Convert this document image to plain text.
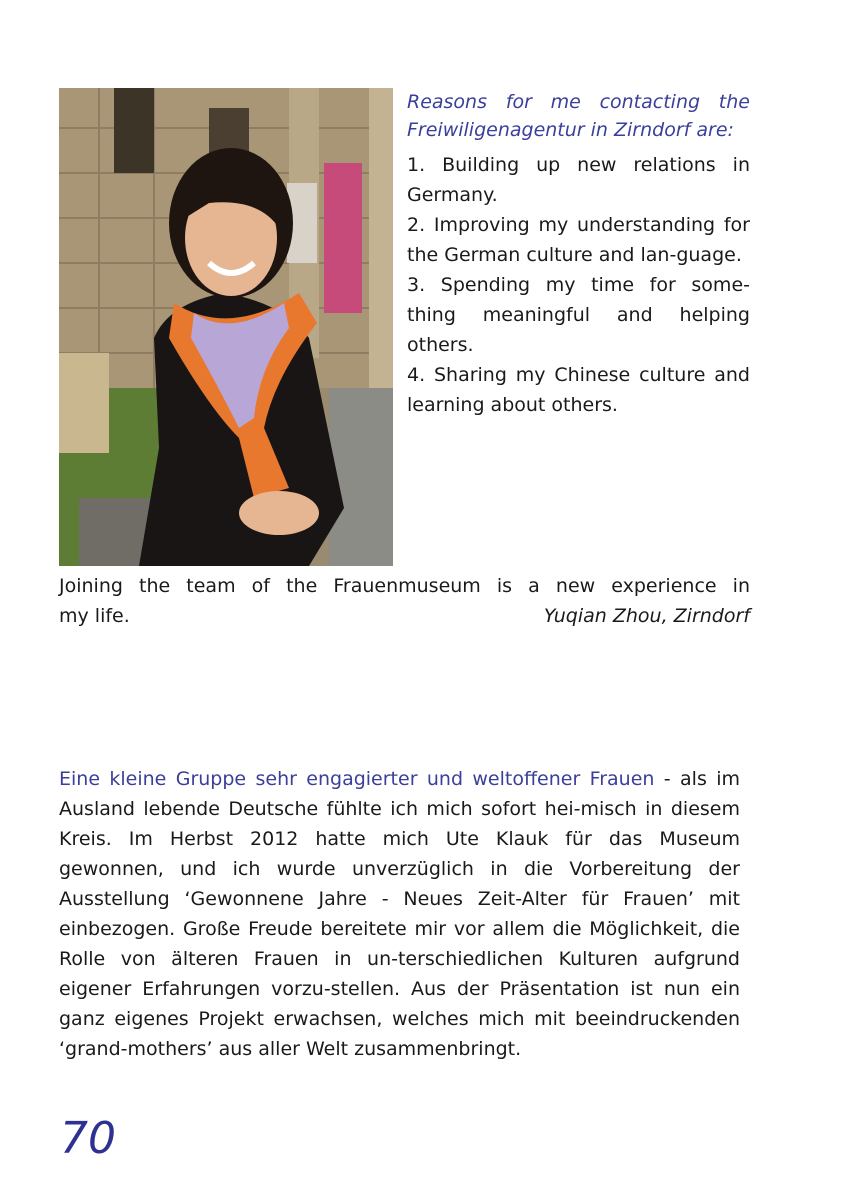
Reasons for me contacting the Freiwiligenagentur in Zirndorf are:

1. Building up new relations in Germany.

2. Improving my understanding for the German culture and lan-guage.

3. Spending my time for some-thing meaningful and helping others.

4. Sharing my Chinese culture and learning about others.

Joining the team of the Frauenmuseum is a new experience in

my life.	Yuqian Zhou, Zirndorf

Eine kleine Gruppe sehr engagierter und weltoffener Frauen - als im Ausland lebende Deutsche fühlte ich mich sofort hei-misch in diesem Kreis. Im Herbst 2012 hatte mich Ute Klauk für das Museum gewonnen, und ich wurde unverzüglich in die Vorbereitung der Ausstellung ‘Gewonnene Jahre - Neues Zeit-Alter für Frauen’ mit einbezogen. Große Freude bereitete mir vor allem die Möglichkeit, die Rolle von älteren Frauen in un-terschiedlichen Kulturen aufgrund eigener Erfahrungen vorzu-stellen. Aus der Präsentation ist nun ein ganz eigenes Projekt erwachsen, welches mich mit beeindruckenden ‘grand-mothers’ aus aller Welt zusammenbringt.

70
